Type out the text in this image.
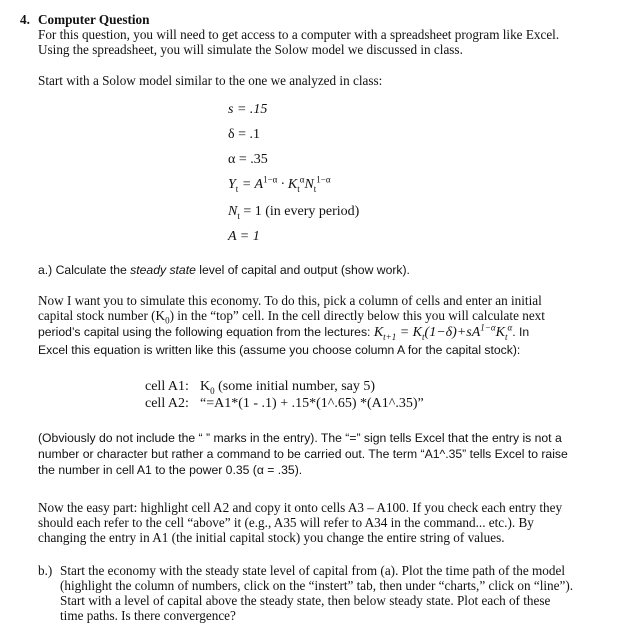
4. Computer Question
For this question, you will need to get access to a computer with a spreadsheet program like Excel.
Using the spreadsheet, you will simulate the Solow model we discussed in class.
Start with a Solow model similar to the one we analyzed in class:
s = .15
δ = .1
α = .35
$Y_t = A^{1-\alpha} \cdot K_t^\alpha N_t^{1-\alpha}$
$N_t = 1$ (in every period)
A = 1
a.) Calculate the steady state level of capital and output (show work).
Now I want you to simulate this economy. To do this, pick a column of cells and enter an initial
capital stock number $(K_0)$ in the “top” cell. In the cell directly below this you will calculate next
period’s capital using the following equation from the lectures: $K_{t+1} = K_t(1-\delta)+sA^{1-\alpha}K_t^\alpha$. In
Excel this equation is written like this (assume you choose column A for the capital stock):
cell A1: $K_0$ (some initial number, say 5)
cell A2: “=A1*(1 - .1) + .15*(1^.65) *(A1^.35)”
(Obviously do not include the “ ” marks in the entry). The “=” sign tells Excel that the entry is not a
number or character but rather a command to be carried out. The term “A1^.35” tells Excel to raise
the number in cell A1 to the power 0.35 (α = .35).
Now the easy part: highlight cell A2 and copy it onto cells A3 – A100. If you check each entry they
should each refer to the cell “above” it (e.g., A35 will refer to A34 in the command... etc.). By
changing the entry in A1 (the initial capital stock) you change the entire string of values.
b.) Start the economy with the steady state level of capital from (a). Plot the time path of the model
(highlight the column of numbers, click on the “instert” tab, then under “charts,” click on “line”).
Start with a level of capital above the steady state, then below steady state. Plot each of these
time paths. Is there convergence?
